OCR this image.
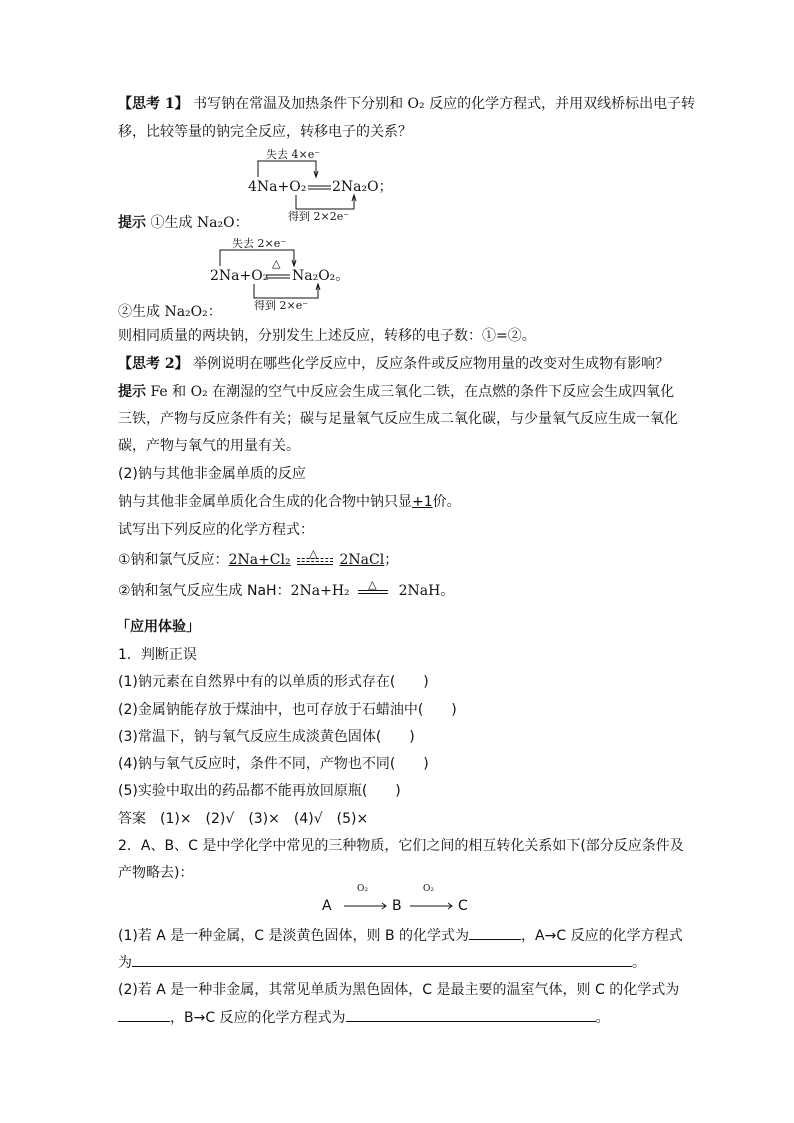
【思考 1】 书写钠在常温及加热条件下分别和 O₂ 反应的化学方程式，并用双线桥标出电子转
移，比较等量的钠完全反应，转移电子的关系？
失去 4×e⁻
4Na+O₂ 2Na₂O；
得到 2×2e⁻
提示 ①生成 Na₂O：
失去 2×e⁻
△
2Na+O₂ Na₂O₂。
得到 2×e⁻
②生成 Na₂O₂：
则相同质量的两块钠，分别发生上述反应，转移的电子数：①=②。
【思考 2】 举例说明在哪些化学反应中，反应条件或反应物用量的改变对生成物有影响？
提示 Fe 和 O₂ 在潮湿的空气中反应会生成三氧化二铁，在点燃的条件下反应会生成四氧化
三铁，产物与反应条件有关；碳与足量氧气反应生成二氧化碳，与少量氧气反应生成一氧化
碳，产物与氧气的用量有关。
(2)钠与其他非金属单质的反应
钠与其他非金属单质化合生成的化合物中钠只显+1价。
试写出下列反应的化学方程式：
①钠和氯气反应：2Na+Cl₂ △ 2NaCl；
②钠和氢气反应生成 NaH：2Na+H₂ △ 2NaH。
「应用体验」
1．判断正误
(1)钠元素在自然界中有的以单质的形式存在(　　)
(2)金属钠能存放于煤油中，也可存放于石蜡油中(　　)
(3)常温下，钠与氧气反应生成淡黄色固体(　　)
(4)钠与氧气反应时，条件不同，产物也不同(　　)
(5)实验中取出的药品都不能再放回原瓶(　　)
答案　(1)×　(2)√　(3)×　(4)√　(5)×
2．A、B、C 是中学化学中常见的三种物质，它们之间的相互转化关系如下(部分反应条件及
产物略去)：
A
O₂
B
O₂
C
(1)若 A 是一种金属，C 是淡黄色固体，则 B 的化学式为	，A→C 反应的化学方程式
为	。
(2)若 A 是一种非金属，其常见单质为黑色固体，C 是最主要的温室气体，则 C 的化学式为
，B→C 反应的化学方程式为	。
